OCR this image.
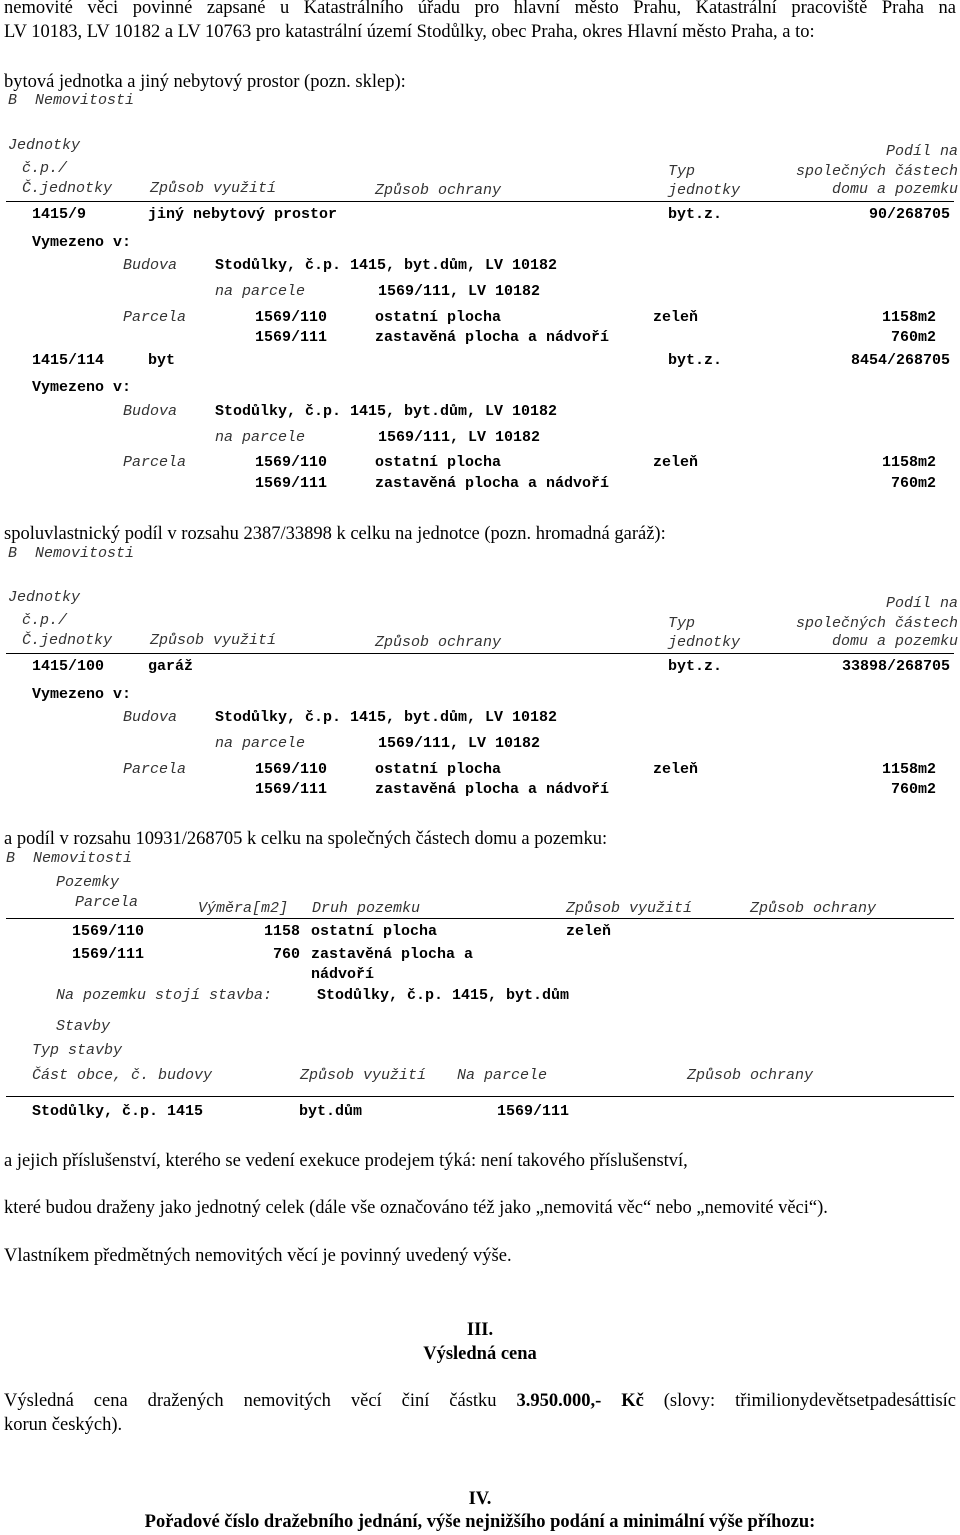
nemovité věci povinné zapsané u Katastrálního úřadu pro hlavní město Prahu, Katastrální pracoviště Praha na
LV 10183, LV 10182 a LV 10763 pro katastrální území Stodůlky, obec Praha, okres Hlavní město Praha, a to:
bytová jednotka a jiný nebytový prostor (pozn. sklep):
B  Nemovitosti
Jednotky
č.p./
Č.jednotky	Způsob využití	Způsob ochrany
Typ
jednotky
Podíl na
společných částech
domu a pozemku
1415/9	jiný nebytový prostor	byt.z.	90/268705
Vymezeno v:
Budova	Stodůlky, č.p. 1415, byt.dům, LV 10182
na parcele	1569/111, LV 10182
Parcela	1569/110	ostatní plocha	zeleň	1158m2
1569/111	zastavěná plocha a nádvoří	760m2
1415/114	byt	byt.z.	8454/268705
Vymezeno v:
Budova	Stodůlky, č.p. 1415, byt.dům, LV 10182
na parcele	1569/111, LV 10182
Parcela	1569/110	ostatní plocha	zeleň	1158m2
1569/111	zastavěná plocha a nádvoří	760m2
spoluvlastnický podíl v rozsahu 2387/33898 k celku na jednotce (pozn. hromadná garáž):
B  Nemovitosti
Jednotky
č.p./
Č.jednotky	Způsob využití	Způsob ochrany
Typ
jednotky
Podíl na
společných částech
domu a pozemku
1415/100	garáž	byt.z.	33898/268705
Vymezeno v:
Budova	Stodůlky, č.p. 1415, byt.dům, LV 10182
na parcele	1569/111, LV 10182
Parcela	1569/110	ostatní plocha	zeleň	1158m2
1569/111	zastavěná plocha a nádvoří	760m2
a podíl v rozsahu 10931/268705 k celku na společných částech domu a pozemku:
B  Nemovitosti
Pozemky
Parcela	Výměra[m2] Druh pozemku	Způsob využití	Způsob ochrany
1569/110	1158 ostatní plocha	zeleň
1569/111	760 zastavěná plocha a
nádvoří
Na pozemku stojí stavba:	Stodůlky, č.p. 1415, byt.dům
Stavby
Typ stavby
Část obce, č. budovy	Způsob využití Na parcele	Způsob ochrany
Stodůlky, č.p. 1415	byt.dům	1569/111
a jejich příslušenství, kterého se vedení exekuce prodejem týká: není takového příslušenství,
které budou draženy jako jednotný celek (dále vše označováno též jako „nemovitá věc“ nebo „nemovité věci“).
Vlastníkem předmětných nemovitých věcí je povinný uvedený výše.
III.
Výsledná cena
Výsledná cena dražených nemovitých věcí činí částku 3.950.000,- Kč (slovy: třimilionydevětsetpadesáttisíc
korun českých).
IV.
Pořadové číslo dražebního jednání, výše nejnižšího podání a minimální výše příhozu:
